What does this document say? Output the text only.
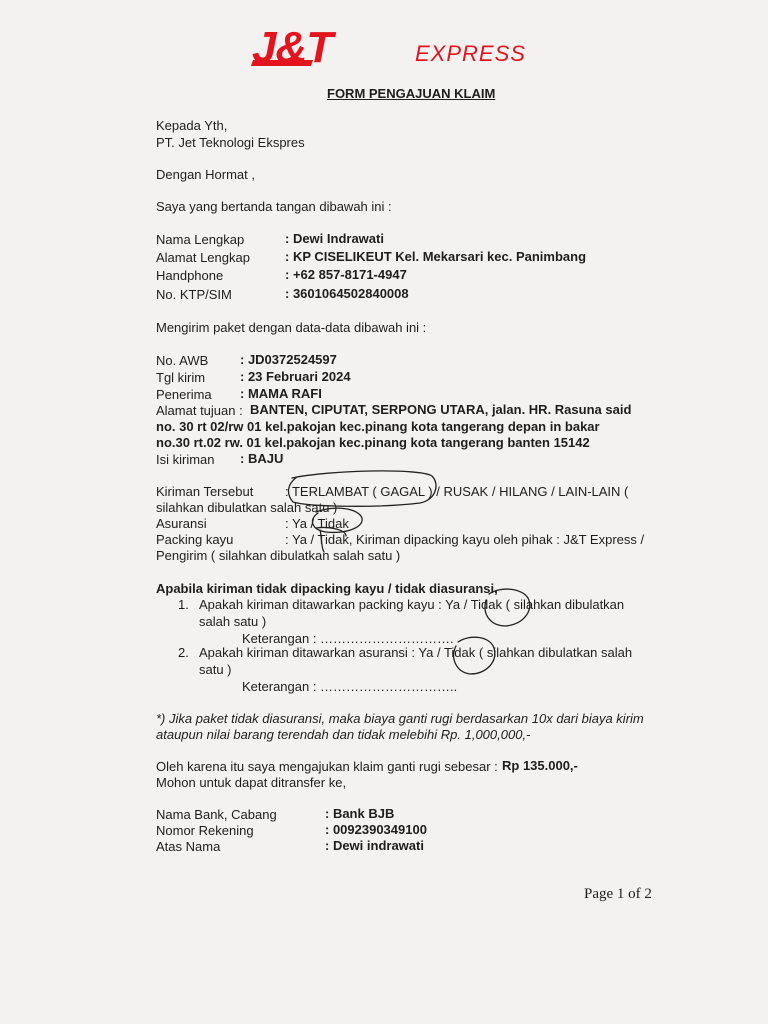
J&T	EXPRESS
FORM PENGAJUAN KLAIM
Kepada Yth,
PT. Jet Teknologi Ekspres
Dengan Hormat ,
Saya yang bertanda tangan dibawah ini :
Nama Lengkap	: Dewi Indrawati
Alamat Lengkap	: KP CISELIKEUT Kel. Mekarsari kec. Panimbang
Handphone	: +62 857-8171-4947
No. KTP/SIM	: 3601064502840008
Mengirim paket dengan data-data dibawah ini :
No. AWB : JD0372524597
Tgl kirim	: 23 Februari 2024
Penerima : MAMA RAFI
Alamat tujuan : BANTEN, CIPUTAT, SERPONG UTARA, jalan. HR. Rasuna said
no. 30 rt 02/rw 01 kel.pakojan kec.pinang kota tangerang depan in bakar
no.30 rt.02 rw. 01 kel.pakojan kec.pinang kota tangerang banten 15142
Isi kiriman : BAJU
Kiriman Tersebut : TERLAMBAT ( GAGAL ) / RUSAK / HILANG / LAIN-LAIN (
silahkan dibulatkan salah satu )
Asuransi	: Ya / Tidak
Packing kayu	: Ya / Tidak, Kiriman dipacking kayu oleh pihak : J&T Express /
Pengirim ( silahkan dibulatkan salah satu )
Apabila kiriman tidak dipacking kayu / tidak diasuransi,
1. Apakah kiriman ditawarkan packing kayu : Ya / Tidak ( silahkan dibulatkan
salah satu )
Keterangan : ………………………….
2. Apakah kiriman ditawarkan asuransi : Ya / Tidak ( silahkan dibulatkan salah
satu )
Keterangan : …………………………..
*) Jika paket tidak diasuransi, maka biaya ganti rugi berdasarkan 10x dari biaya kirim
ataupun nilai barang terendah dan tidak melebihi Rp. 1,000,000,-
Oleh karena itu saya mengajukan klaim ganti rugi sebesar : Rp 135.000,-
Mohon untuk dapat ditransfer ke,
Nama Bank, Cabang	: Bank BJB
Nomor Rekening	: 0092390349100
Atas Nama	: Dewi indrawati
Page 1 of 2
